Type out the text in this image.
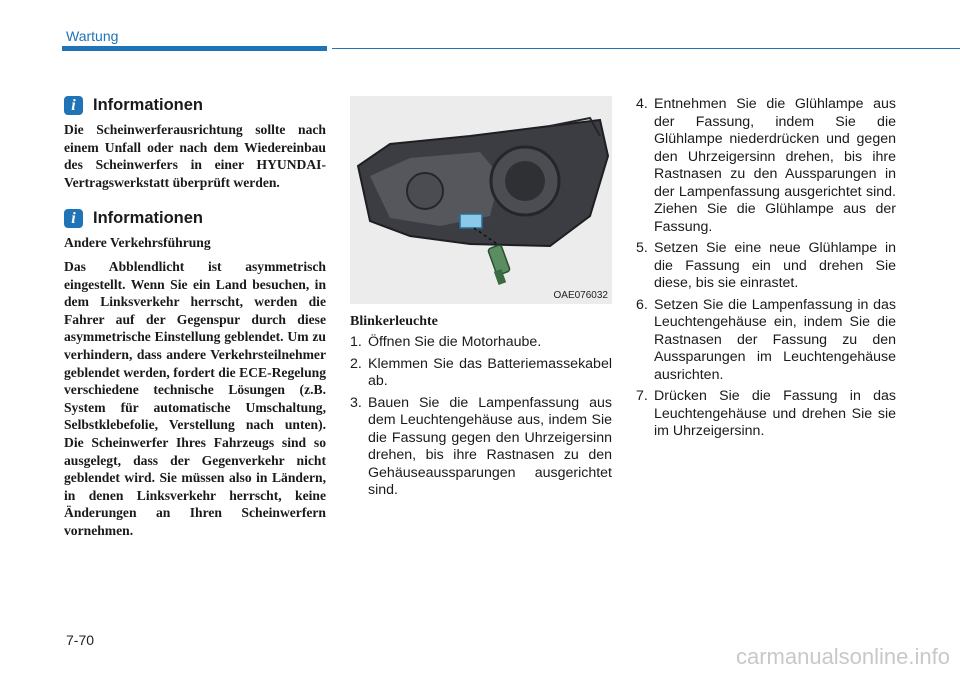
Wartung
i	Informationen

Die Scheinwerferausrichtung sollte nach einem Unfall oder nach dem Wiedereinbau des Scheinwerfers in einer HYUNDAI-Vertragswerkstatt überprüft werden.

i	Informationen

Andere Verkehrsführung

Das Abblendlicht ist asymmetrisch eingestellt. Wenn Sie ein Land besuchen, in dem Linksverkehr herrscht, werden die Fahrer auf der Gegenspur durch diese asymmetrische Einstellung geblendet. Um zu verhindern, dass andere Verkehrsteilnehmer geblendet werden, fordert die ECE-Regelung verschiedene technische Lösungen (z.B. System für automatische Umschaltung, Selbstklebefolie, Verstellung nach unten). Die Scheinwerfer Ihres Fahrzeugs sind so ausgelegt, dass der Gegenverkehr nicht geblendet wird. Sie müssen also in Ländern, in denen Linksverkehr herrscht, keine Änderungen an Ihren Scheinwerfern vornehmen.

OAE076032
Blinkerleuchte
1. Öffnen Sie die Motorhaube.
2. Klemmen Sie das Batteriemassekabel ab.
3. Bauen Sie die Lampenfassung aus dem Leuchtengehäuse aus, indem Sie die Fassung gegen den Uhrzeigersinn drehen, bis ihre Rastnasen zu den Gehäuseaussparungen ausgerichtet sind.
4. Entnehmen Sie die Glühlampe aus der Fassung, indem Sie die Glühlampe niederdrücken und gegen den Uhrzeigersinn drehen, bis ihre Rastnasen zu den Aussparungen in der Lampenfassung ausgerichtet sind. Ziehen Sie die Glühlampe aus der Fassung.
5. Setzen Sie eine neue Glühlampe in die Fassung ein und drehen Sie diese, bis sie einrastet.
6. Setzen Sie die Lampenfassung in das Leuchtengehäuse ein, indem Sie die Rastnasen der Fassung zu den Aussparungen im Leuchtengehäuse ausrichten.
7. Drücken Sie die Fassung in das Leuchtengehäuse und drehen Sie sie im Uhrzeigersinn.
7-70
carmanualsonline.info
